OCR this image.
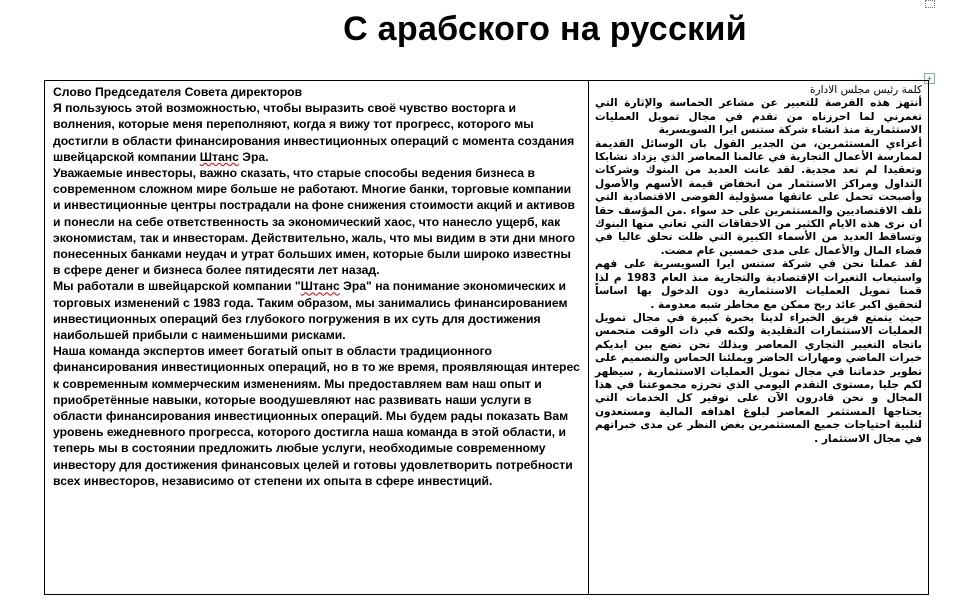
С арабского на русский
+
Слово Председателя Совета директоров
Я пользуюсь этой возможностью, чтобы выразить своё чувство восторга и волнения, которые меня переполняют, когда я вижу тот прогресс, которого мы достигли в области финансирования инвестиционных операций с момента создания швейцарской компании Штанс Эра.
Уважаемые инвесторы, важно сказать, что старые способы ведения бизнеса в современном сложном мире больше не работают. Многие банки, торговые компании и инвестиционные центры пострадали на фоне снижения стоимости акций и активов и понесли на себе ответственность за экономический хаос, что нанесло ущерб, как экономистам, так и инвесторам. Действительно, жаль, что мы видим в эти дни много понесенных банками неудач и утрат больших имен, которые были широко известны в сфере денег и бизнеса более пятидесяти лет назад.
Мы работали в швейцарской компании "Штанс Эра" на понимание экономических и торговых изменений с 1983 года. Таким образом, мы занимались финансированием инвестиционных операций без глубокого погружения в их суть для достижения наибольшей прибыли с наименьшими рисками.
Наша команда экспертов имеет богатый опыт в области традиционного финансирования инвестиционных операций, но в то же время, проявляющая интерес к современным коммерческим изменениям. Мы предоставляем вам наш опыт и приобретённые навыки, которые воодушевляют нас развивать наши услуги в области финансирования инвестиционных операций. Мы будем рады показать Вам уровень ежедневного прогресса, которого достигла наша команда в этой области, и теперь мы в состоянии предложить любые услуги, необходимые современному инвестору для достижения финансовых целей и готовы удовлетворить потребности всех инвесторов, независимо от степени их опыта в сфере инвестиций.
كلمة رئيس مجلس الادارة
أنتهز هذه الفرصة للتعبير عن مشاعر الحماسة والإثارة التي تغمرني لما احرزناه من تقدم في مجال تمويل العمليات الاستثمارية منذ انشاء شركة ستنس ايرا السويسرية
أعزاءي المستثمرين، من الجدير القول بان الوسائل القديمة لممارسة الأعمال التجارية في عالمنا المعاصر الذي يزداد تشابكا وتعقيدا لم تعد مجدية. لقد عانت العديد من البنوك وشركات التداول ومراكز الاستثمار من انخفاض قيمة الأسهم والأصول وأصبحت تحمل على عاتقها مسؤولية الفوضى الاقتصادية التي تلف الاقتصاديين والمستثمرين على حد سواء .من المؤسف حقا ان نرى هذه الايام الكثير من الاخفاقات التي تعاني منها البنوك وتساقط العديد من الأسماء الكبيرة التي ظلت تحلق عاليا في فضاء المال والأعمال على مدى خمسين عام مضت.
لقد عملنا نحن في شركة ستنس ايرا السويسرية على فهم واستيعاب التغيرات الإقتصادية والتجارية منذ العام 1983 م لذا قمنا تمويل العمليات الاستثمارية دون الدخول بها اساساً لتحقيق اكبر عائد ربح ممكن مع مخاطر شبه معدومة .
حيث يتمتع فريق الخبراء لدينا بخبرة كبيرة في مجال تمويل العمليات الاستثمارات التقليدية ولكنه في ذات الوقت متحمس باتجاه التغيير التجاري المعاصر وبذلك نحن نضع بين ايديكم خبرات الماضي ومهارات الحاضر ويملئنا الحماس والتصميم على تطوير خدماتنا في مجال تمويل العمليات الاستثمارية , سيظهر لكم جليا ,مستوى التقدم اليومي الذي تحرزه مجموعتنا في هذا المجال و نحن قادرون الآن على توفير كل الخدمات التي يحتاجها المستثمر المعاصر لبلوغ اهدافه المالية ومستعدون لتلبية احتياجات جميع المستثمرين بغض النظر عن مدى خبراتهم في مجال الاستثمار .
